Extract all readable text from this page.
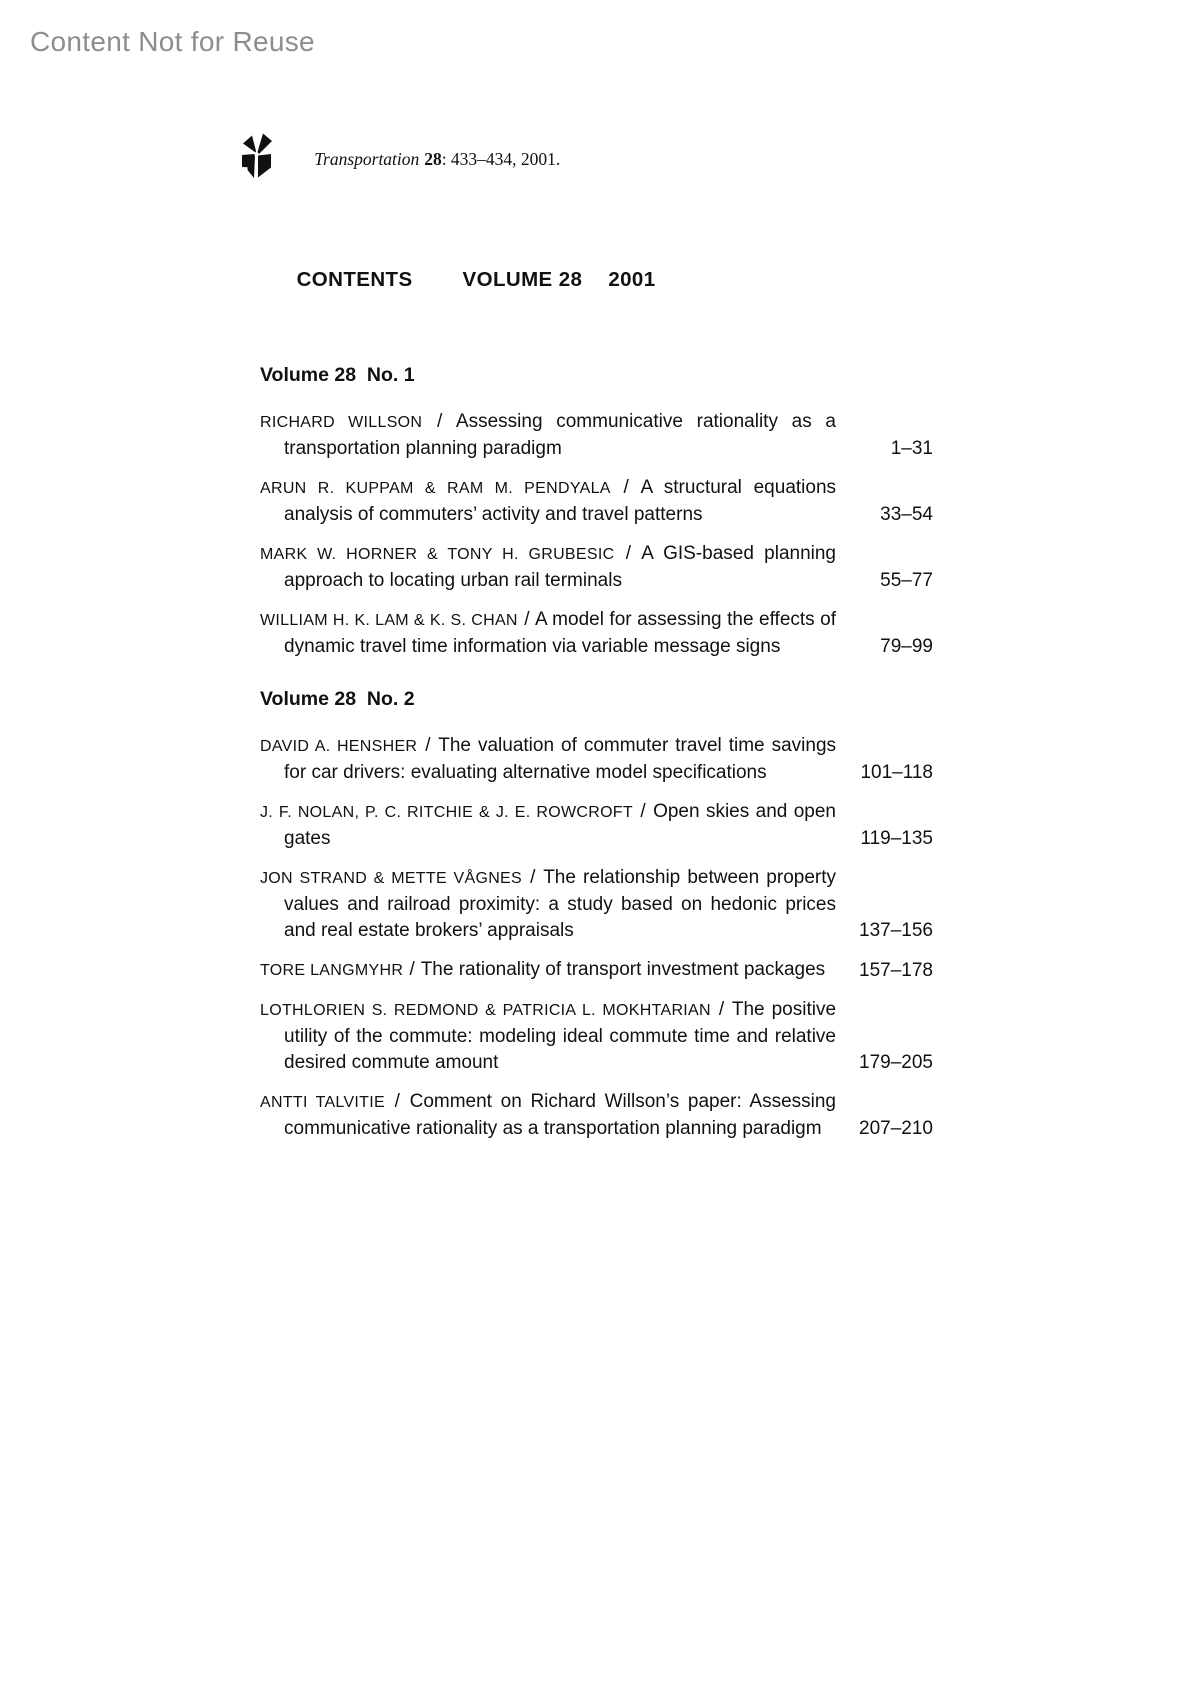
Content Not for Reuse

Transportation 28: 433–434, 2001.

CONTENTS VOLUME 28 2001

Volume 28  No. 1

RICHARD WILLSON / Assessing communicative rationality as a transportation planning paradigm	1–31

ARUN R. KUPPAM & RAM M. PENDYALA / A structural equations analysis of commuters’ activity and travel patterns	33–54

MARK W. HORNER & TONY H. GRUBESIC / A GIS-based planning approach to locating urban rail terminals	55–77

WILLIAM H. K. LAM & K. S. CHAN / A model for assessing the effects of dynamic travel time information via variable message signs	79–99
Volume 28  No. 2

DAVID A. HENSHER / The valuation of commuter travel time savings for car drivers: evaluating alternative model specifications	101–118

J. F. NOLAN, P. C. RITCHIE & J. E. ROWCROFT / Open skies and open gates	119–135

JON STRAND & METTE VÅGNES / The relationship between property values and railroad proximity: a study based on hedonic prices and real estate brokers’ appraisals	137–156

TORE LANGMYHR / The rationality of transport investment packages	157–178

LOTHLORIEN S. REDMOND & PATRICIA L. MOKHTARIAN / The positive utility of the commute: modeling ideal commute time and relative desired commute amount	179–205

ANTTI TALVITIE / Comment on Richard Willson’s paper: Assessing communicative rationality as a transportation planning paradigm	207–210
